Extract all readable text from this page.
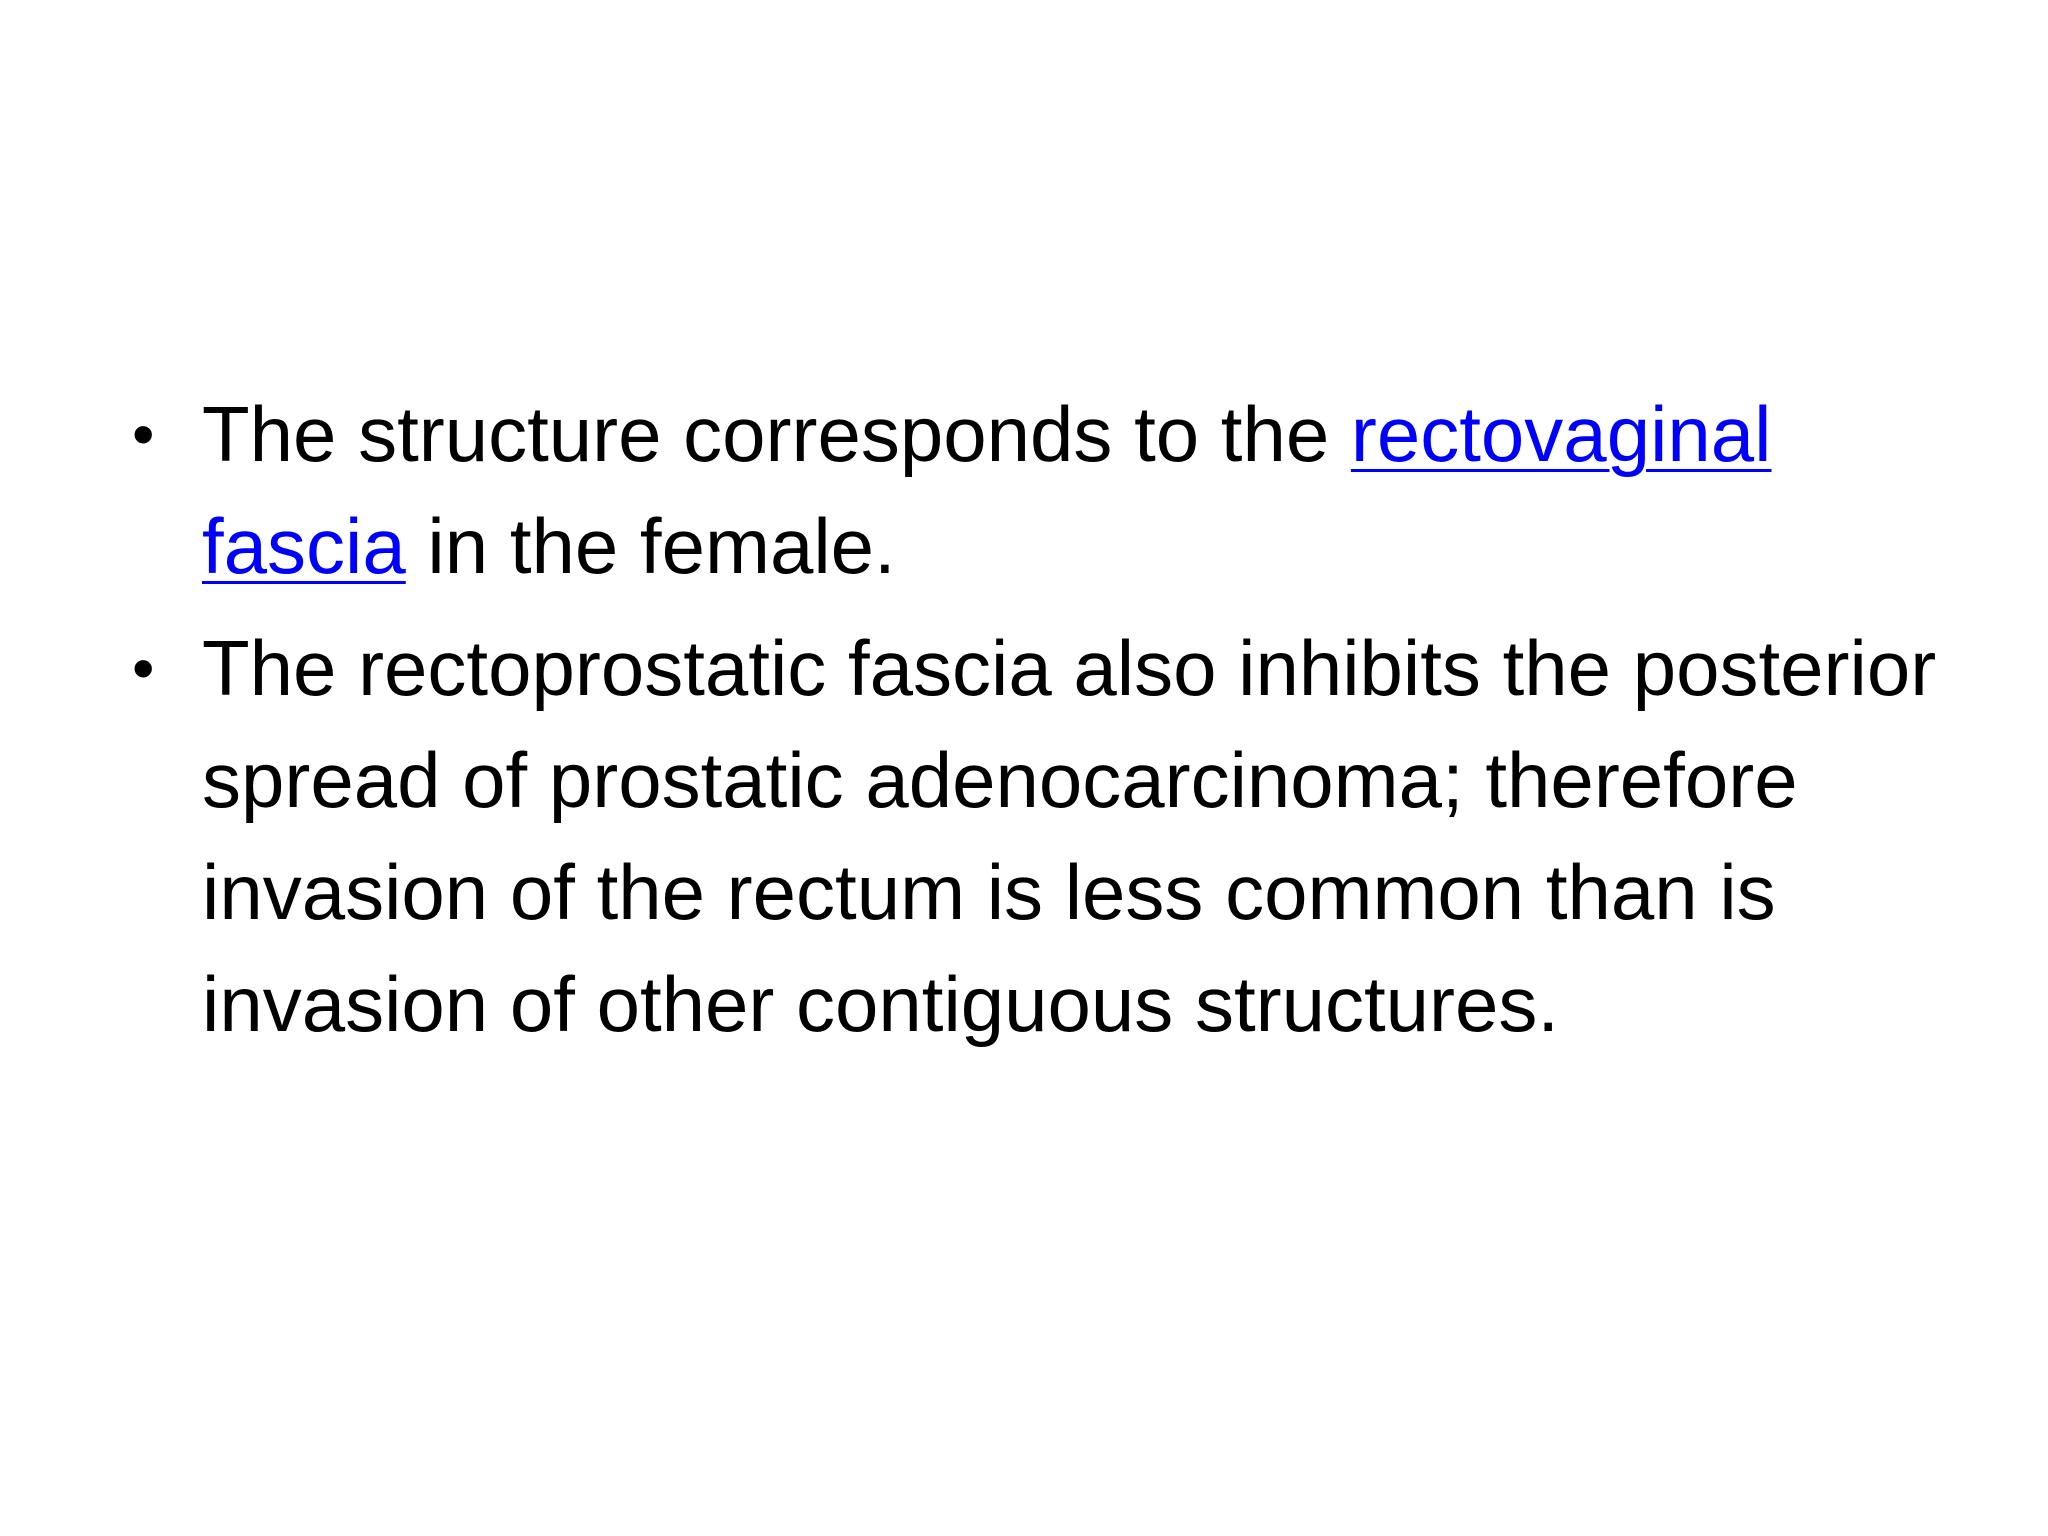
• The structure corresponds to the rectovaginal fascia in the female.
• The rectoprostatic fascia also inhibits the posterior spread of prostatic adenocarcinoma; therefore invasion of the rectum is less common than is invasion of other contiguous structures.
